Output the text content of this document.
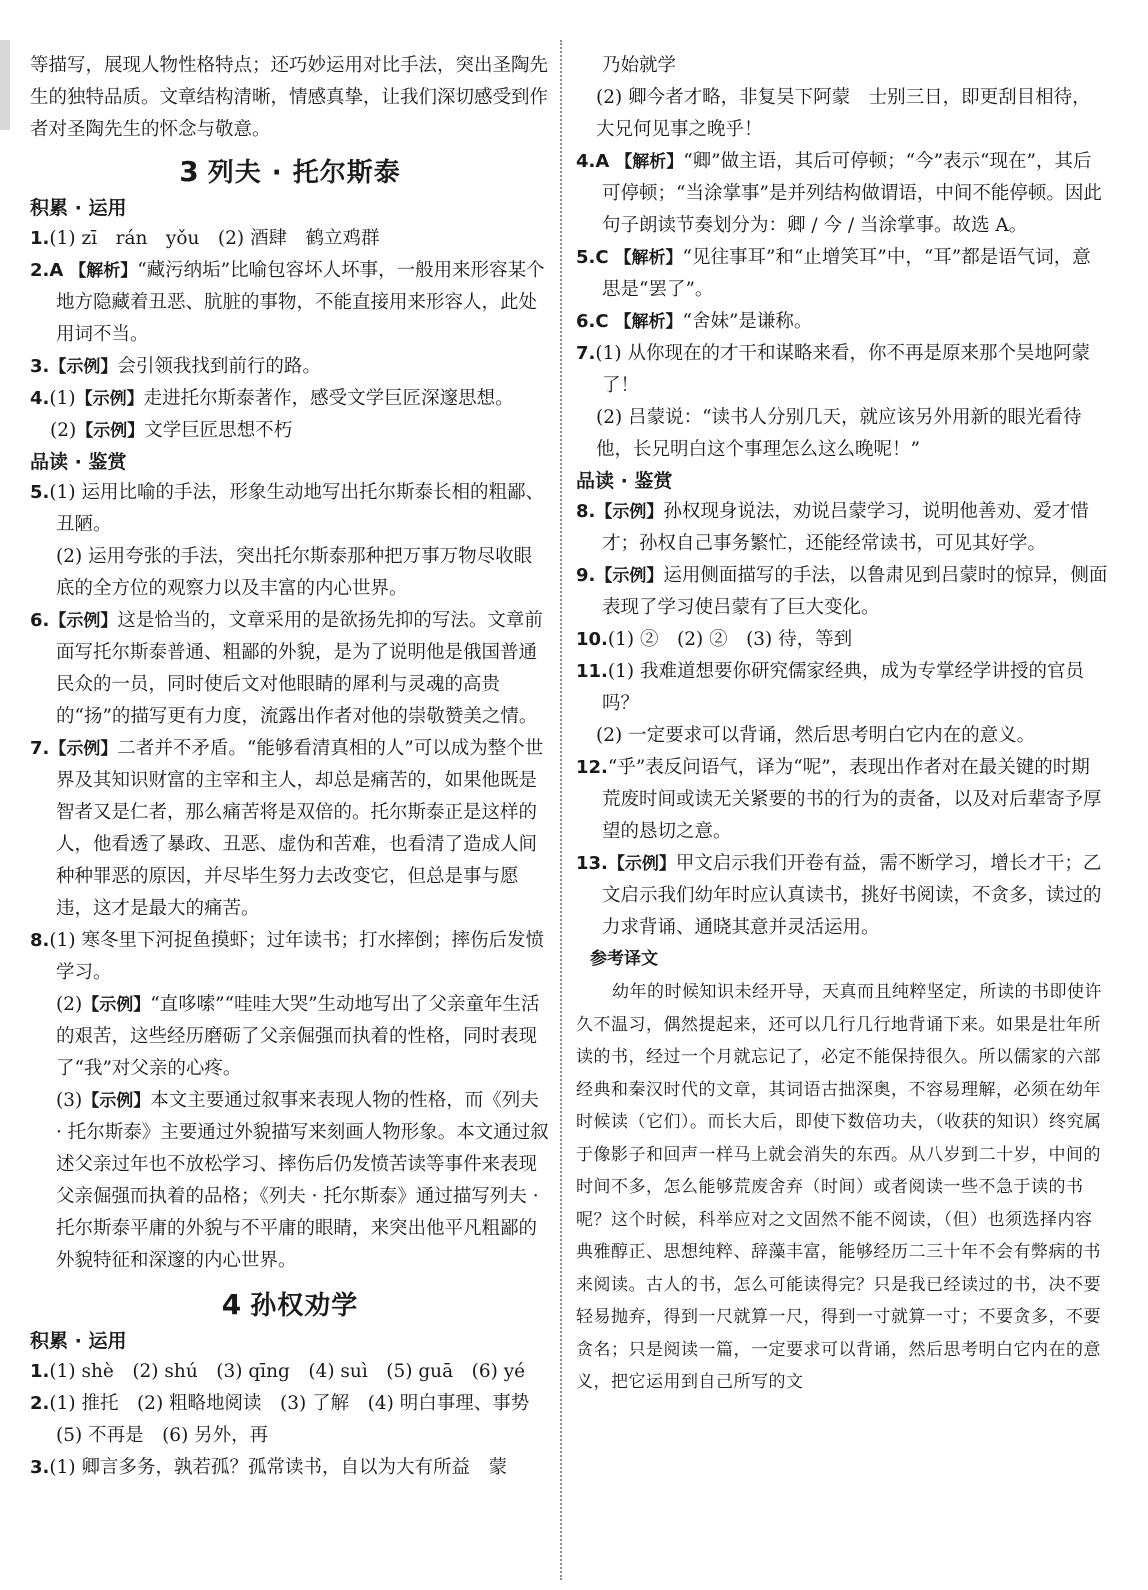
等描写，展现人物性格特点；还巧妙运用对比手法，突出圣陶先生的独特品质。文章结构清晰，情感真挚，让我们深切感受到作者对圣陶先生的怀念与敬意。

3 列夫 · 托尔斯泰

积累 · 运用

1.(1) zī　rán　yǒu　(2) 酒肆　鹤立鸡群

2.A 【解析】“藏污纳垢”比喻包容坏人坏事，一般用来形容某个地方隐藏着丑恶、肮脏的事物，不能直接用来形容人，此处用词不当。

3.【示例】会引领我找到前行的路。

4.(1)【示例】走进托尔斯泰著作，感受文学巨匠深邃思想。

(2)【示例】文学巨匠思想不朽

品读 · 鉴赏

5.(1) 运用比喻的手法，形象生动地写出托尔斯泰长相的粗鄙、丑陋。

(2) 运用夸张的手法，突出托尔斯泰那种把万事万物尽收眼底的全方位的观察力以及丰富的内心世界。

6.【示例】这是恰当的，文章采用的是欲扬先抑的写法。文章前面写托尔斯泰普通、粗鄙的外貌，是为了说明他是俄国普通民众的一员，同时使后文对他眼睛的犀利与灵魂的高贵的“扬”的描写更有力度，流露出作者对他的崇敬赞美之情。

7.【示例】二者并不矛盾。“能够看清真相的人”可以成为整个世界及其知识财富的主宰和主人，却总是痛苦的，如果他既是智者又是仁者，那么痛苦将是双倍的。托尔斯泰正是这样的人，他看透了暴政、丑恶、虚伪和苦难，也看清了造成人间种种罪恶的原因，并尽毕生努力去改变它，但总是事与愿违，这才是最大的痛苦。

8.(1) 寒冬里下河捉鱼摸虾；过年读书；打水摔倒；摔伤后发愤学习。

(2)【示例】“直哆嗦”“哇哇大哭”生动地写出了父亲童年生活的艰苦，这些经历磨砺了父亲倔强而执着的性格，同时表现了“我”对父亲的心疼。

(3)【示例】本文主要通过叙事来表现人物的性格，而《列夫 · 托尔斯泰》主要通过外貌描写来刻画人物形象。本文通过叙述父亲过年也不放松学习、摔伤后仍发愤苦读等事件来表现父亲倔强而执着的品格；《列夫 · 托尔斯泰》通过描写列夫 · 托尔斯泰平庸的外貌与不平庸的眼睛，来突出他平凡粗鄙的外貌特征和深邃的内心世界。

4 孙权劝学

积累 · 运用

1.(1) shè　(2) shú　(3) qīng　(4) suì　(5) guā　(6) yé

2.(1) 推托　(2) 粗略地阅读　(3) 了解　(4) 明白事理、事势　(5) 不再是　(6) 另外，再

3.(1) 卿言多务，孰若孤？孤常读书，自以为大有所益　蒙

乃始就学

(2) 卿今者才略，非复吴下阿蒙　士别三日，即更刮目相待，大兄何见事之晚乎！

4.A 【解析】“卿”做主语，其后可停顿；“今”表示“现在”，其后可停顿；“当涂掌事”是并列结构做谓语，中间不能停顿。因此句子朗读节奏划分为：卿 / 今 / 当涂掌事。故选 A。

5.C 【解析】“见往事耳”和“止增笑耳”中，“耳”都是语气词，意思是“罢了”。

6.C 【解析】“舍妹”是谦称。

7.(1) 从你现在的才干和谋略来看，你不再是原来那个吴地阿蒙了！

(2) 吕蒙说：“读书人分别几天，就应该另外用新的眼光看待他，长兄明白这个事理怎么这么晚呢！”

品读 · 鉴赏

8.【示例】孙权现身说法，劝说吕蒙学习，说明他善劝、爱才惜才；孙权自己事务繁忙，还能经常读书，可见其好学。

9.【示例】运用侧面描写的手法，以鲁肃见到吕蒙时的惊异，侧面表现了学习使吕蒙有了巨大变化。

10.(1) ②　(2) ②　(3) 待，等到

11.(1) 我难道想要你研究儒家经典，成为专掌经学讲授的官员吗？

(2) 一定要求可以背诵，然后思考明白它内在的意义。

12.“乎”表反问语气，译为“呢”，表现出作者对在最关键的时期荒废时间或读无关紧要的书的行为的责备，以及对后辈寄予厚望的恳切之意。

13.【示例】甲文启示我们开卷有益，需不断学习，增长才干；乙文启示我们幼年时应认真读书，挑好书阅读，不贪多，读过的力求背诵、通晓其意并灵活运用。

参考译文

幼年的时候知识未经开导，天真而且纯粹坚定，所读的书即使许久不温习，偶然提起来，还可以几行几行地背诵下来。如果是壮年所读的书，经过一个月就忘记了，必定不能保持很久。所以儒家的六部经典和秦汉时代的文章，其词语古拙深奥，不容易理解，必须在幼年时候读（它们）。而长大后，即使下数倍功夫，（收获的知识）终究属于像影子和回声一样马上就会消失的东西。从八岁到二十岁，中间的时间不多，怎么能够荒废舍弃（时间）或者阅读一些不急于读的书呢？这个时候，科举应对之文固然不能不阅读，（但）也须选择内容典雅醇正、思想纯粹、辞藻丰富，能够经历二三十年不会有弊病的书来阅读。古人的书，怎么可能读得完？只是我已经读过的书，决不要轻易抛弃，得到一尺就算一尺，得到一寸就算一寸；不要贪多，不要贪名；只是阅读一篇，一定要求可以背诵，然后思考明白它内在的意义，把它运用到自己所写的文
